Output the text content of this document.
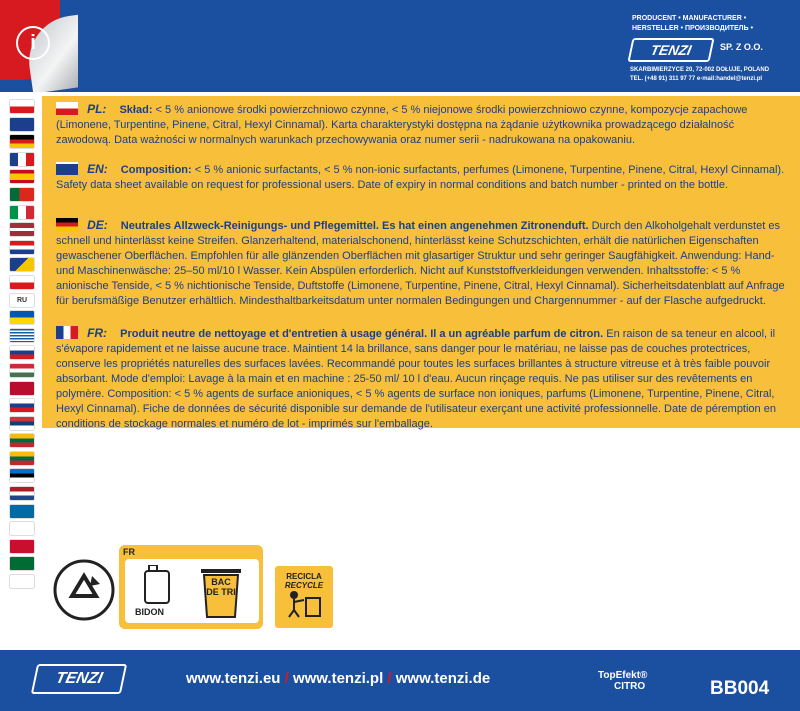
i
PRODUCENT • MANUFACTURER •
HERSTELLER • ПРОИЗВОДИТЕЛЬ •
TENZI	SP. Z O.O.
SKARBIMIERZYCE 20, 72-002 DOŁUJE, POLAND
TEL. (+48 91) 311 97 77 e-mail:handel@tenzi.pl
RU
PL: Skład: < 5 % anionowe środki powierzchniowo czynne, < 5 % niejonowe środki powierzchniowo czynne, kompozycje zapachowe (Limonene, Turpentine, Pinene, Citral, Hexyl Cinnamal). Karta charakterystyki dostępna na żądanie użytkownika prowadzącego działalność zawodową. Data ważności w normalnych warunkach przechowywania oraz numer serii - nadrukowana na opakowaniu.
EN: Composition: < 5 % anionic surfactants, < 5 % non-ionic surfactants, perfumes (Limonene, Turpentine, Pinene, Citral, Hexyl Cinnamal). Safety data sheet available on request for professional users. Date of expiry in normal conditions and batch number - printed on the bottle.
DE: Neutrales Allzweck-Reinigungs- und Pflegemittel. Es hat einen angenehmen Zitronenduft. Durch den Alkoholgehalt verdunstet es schnell und hinterlässt keine Streifen. Glanzerhaltend, materialschonend, hinterlässt keine Schutzschichten, erhält die natürlichen Eigenschaften gewaschener Oberflächen. Empfohlen für alle glänzenden Oberflächen mit glasartiger Struktur und sehr geringer Saugfähigkeit. Anwendung: Hand- und Maschinenwäsche: 25–50 ml/10 l Wasser. Kein Abspülen erforderlich. Nicht auf Kunststoffverkleidungen verwenden. Inhaltsstoffe: < 5 % anionische Tenside, < 5 % nichtionische Tenside, Duftstoffe (Limonene, Turpentine, Pinene, Citral, Hexyl Cinnamal). Sicherheitsdatenblatt auf Anfrage für berufsmäßige Benutzer erhältlich. Mindesthaltbarkeitsdatum unter normalen Bedingungen und Chargennummer - auf der Flasche aufgedruckt.
FR: Produit neutre de nettoyage et d'entretien à usage général. Il a un agréable parfum de citron. En raison de sa teneur en alcool, il s'évapore rapidement et ne laisse aucune trace. Maintient 14 la brillance, sans danger pour le matériau, ne laisse pas de couches protectrices, conserve les propriétés naturelles des surfaces lavées. Recommandé pour toutes les surfaces brillantes à structure vitreuse et à très faible pouvoir absorbant. Mode d'emploi: Lavage à la main et en machine : 25-50 ml/ 10 l d'eau. Aucun rinçage requis. Ne pas utiliser sur des revêtements en polymère. Composition: < 5 % agents de surface anioniques, < 5 % agents de surface non ioniques, parfums (Limonene, Turpentine, Pinene, Citral, Hexyl Cinnamal). Fiche de données de sécurité disponible sur demande de l'utilisateur exerçant une activité professionnelle. Date de péremption en conditions de stockage normales et numéro de lot - imprimés sur l'emballage.
FR
BIDON
BAC DE TRI
RECICLA
RECYCLE
TENZI	www.tenzi.eu / www.tenzi.pl / www.tenzi.de	TopEfekt®
CITRO	BB004
